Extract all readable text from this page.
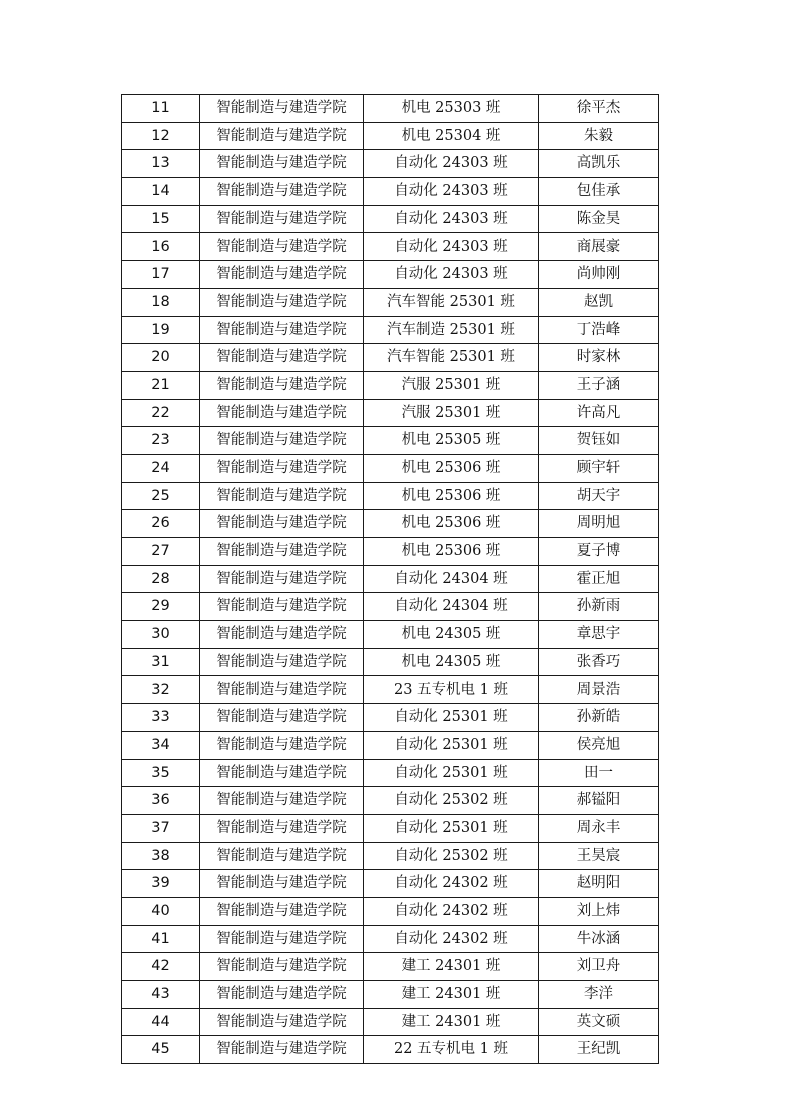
11	智能制造与建造学院	机电 25303 班	徐平杰
12	智能制造与建造学院	机电 25304 班	朱毅
13	智能制造与建造学院	自动化 24303 班	高凯乐
14	智能制造与建造学院	自动化 24303 班	包佳承
15	智能制造与建造学院	自动化 24303 班	陈金昊
16	智能制造与建造学院	自动化 24303 班	商展豪
17	智能制造与建造学院	自动化 24303 班	尚帅刚
18	智能制造与建造学院	汽车智能 25301 班	赵凯
19	智能制造与建造学院	汽车制造 25301 班	丁浩峰
20	智能制造与建造学院	汽车智能 25301 班	时家林
21	智能制造与建造学院	汽服 25301 班	王子涵
22	智能制造与建造学院	汽服 25301 班	许高凡
23	智能制造与建造学院	机电 25305 班	贺钰如
24	智能制造与建造学院	机电 25306 班	顾宇轩
25	智能制造与建造学院	机电 25306 班	胡天宇
26	智能制造与建造学院	机电 25306 班	周明旭
27	智能制造与建造学院	机电 25306 班	夏子博
28	智能制造与建造学院	自动化 24304 班	霍正旭
29	智能制造与建造学院	自动化 24304 班	孙新雨
30	智能制造与建造学院	机电 24305 班	章思宇
31	智能制造与建造学院	机电 24305 班	张香巧
32	智能制造与建造学院	23 五专机电 1 班	周景浩
33	智能制造与建造学院	自动化 25301 班	孙新皓
34	智能制造与建造学院	自动化 25301 班	侯亮旭
35	智能制造与建造学院	自动化 25301 班	田一
36	智能制造与建造学院	自动化 25302 班	郝镒阳
37	智能制造与建造学院	自动化 25301 班	周永丰
38	智能制造与建造学院	自动化 25302 班	王昊宸
39	智能制造与建造学院	自动化 24302 班	赵明阳
40	智能制造与建造学院	自动化 24302 班	刘上炜
41	智能制造与建造学院	自动化 24302 班	牛冰涵
42	智能制造与建造学院	建工 24301 班	刘卫舟
43	智能制造与建造学院	建工 24301 班	李洋
44	智能制造与建造学院	建工 24301 班	英文硕
45	智能制造与建造学院	22 五专机电 1 班	王纪凯
